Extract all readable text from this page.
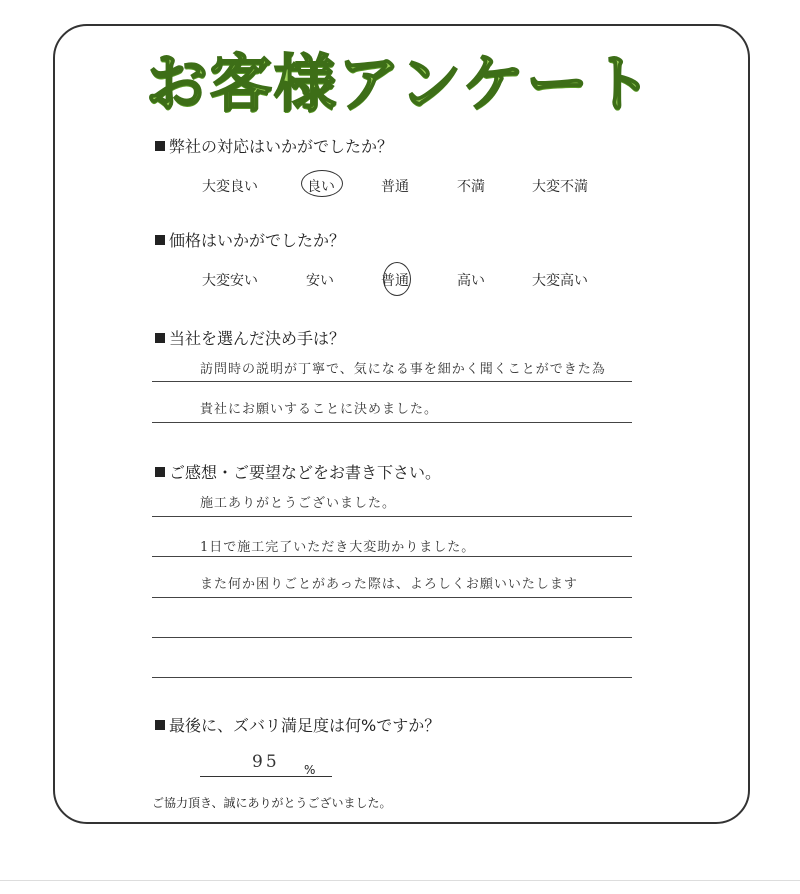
お客様アンケート
弊社の対応はいかがでしたか？
大変良い	良い	普通	不満	大変不満
価格はいかがでしたか？
大変安い	安い	普通	高い	大変高い
当社を選んだ決め手は？
訪問時の説明が丁寧で、気になる事を細かく聞くことができた為
貴社にお願いすることに決めました。
ご感想・ご要望などをお書き下さい。
施工ありがとうございました。
1日で施工完了いただき大変助かりました。
また何か困りごとがあった際は、よろしくお願いいたします
最後に、ズバリ満足度は何%ですか？
95 %
ご協力頂き、誠にありがとうございました。
